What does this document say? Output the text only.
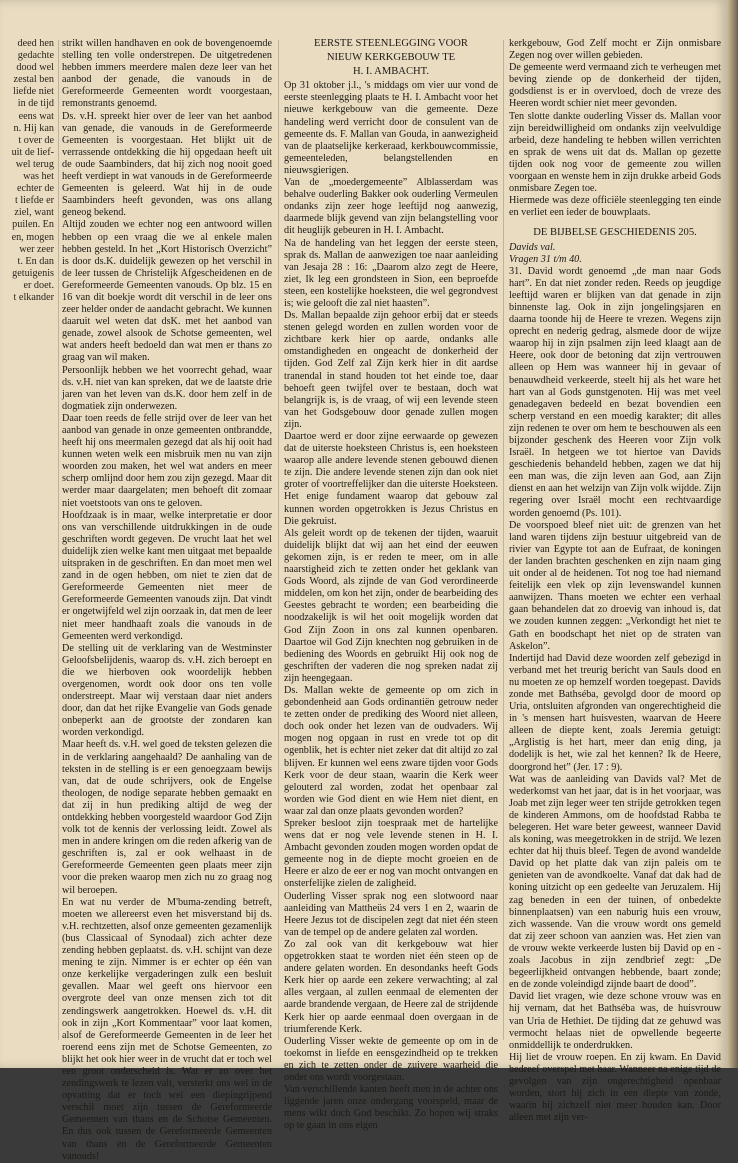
deed hen

gedachte

dood wel

zestal ben

liefde niet

in de tijd

eens wat

n. Hij kan

t over de

uit de lief-

wel terug

was het

echter de

t liefde er

ziel, want

puilen. En

en, mogen

wer zeer

t. En dan

getuigenis

er doet.

t elkander

strikt willen handhaven en ook de bovengenoemde stelling ten volle onderstrepen. De uitgetredenen hebben immers meerdere malen deze leer van het aanbod der genade, die vanouds in de Gereformeerde Gemeenten wordt voorgestaan, remonstrants genoemd.

Ds. v.H. spreekt hier over de leer van het aanbod van genade, die vanouds in de Gereformeerde Gemeenten is voorgestaan. Het blijkt uit de verrassende ontdekking die hij opgedaan heeft uit de oude Saambinders, dat hij zich nog nooit goed heeft verdiept in wat vanouds in de Gereformeerde Gemeenten is geleerd. Wat hij in de oude Saambinders heeft gevonden, was ons allang geneog bekend.

Altijd zouden we echter nog een antwoord willen hebben op een vraag die we al enkele malen hebben gesteld. In het „Kort Historisch Overzicht” is door ds.K. duidelijk gewezen op het verschil in de leer tussen de Christelijk Afgescheidenen en de Gereformeerde Gemeenten vanouds. Op blz. 15 en 16 van dit boekje wordt dit verschil in de leer ons zeer helder onder de aandacht gebracht. We kunnen daaruit wel weten dat dsK. met het aanbod van genade, zowel alsook de Schotse gemeenten, wel wat anders heeft bedoeld dan wat men er thans zo graag van wil maken.

Persoonlijk hebben we het voorrecht gehad, waar ds. v.H. niet van kan spreken, dat we de laatste drie jaren van het leven van ds.K. door hem zelf in de dogmatiek zijn onderwezen.

Daar toen reeds de felle strijd over de leer van het aanbod van genade in onze gemeenten ontbrandde, heeft hij ons meermalen gezegd dat als hij ooit had kunnen weten welk een misbruik men nu van zijn woorden zou maken, het wel wat anders en meer scherp omlijnd door hem zou zijn gezegd. Maar dit werder maar daargelaten; men behoeft dit zomaar niet voetstoots van ons te geloven.

Hoofdzaak is in maar, welke interpretatie er door ons van verschillende uitdrukkingen in de oude geschriften wordt gegeven. De vrucht laat het wel duidelijk zien welke kant men uitgaat met bepaalde uitspraken in de geschriften. En dan moet men wel zand in de ogen hebben, om niet te zien dat de Gereformeerde Gemeenten niet meer de Gereformeerde Gemeenten vanouds zijn. Dat vindt er ongetwijfeld wel zijn oorzaak in, dat men de leer niet meer handhaaft zoals die vanouds in de Gemeenten werd verkondigd.

De stelling uit de verklaring van de Westminster Geloofsbelijdenis, waarop ds. v.H. zich beroept en die we hierboven ook woordelijk hebben overgenomen, wordt ook door ons ten volle onderstreept. Maar wij verstaan daar niet anders door, dan dat het rijke Evangelie van Gods genade onbeperkt aan de grootste der zondaren kan worden verkondigd.

Maar heeft ds. v.H. wel goed de teksten gelezen die in de verklaring aangehaald? De aanhaling van de teksten in de stelling is er een genoegzaam bewijs van, dat de oude schrijvers, ook de Engelse theologen, de nodige separate hebben gemaakt en dat zij in hun prediking altijd de weg der ontdekking hebben voorgesteld waardoor God Zijn volk tot de kennis der verlossing leidt. Zowel als men in andere kringen om die reden afkerig van de geschriften is, zal er ook welhaast in de Gereformeerde Gemeenten geen plaats meer zijn voor die preken waarop men zich nu zo graag nog wil beroepen.

En wat nu verder de M'buma-zending betreft, moeten we allereerst even het misverstand bij ds. v.H. rechtzetten, alsof onze gemeenten gezamenlijk (bus Classicaal of Synodaal) zich achter deze zending hebben geplaatst. ds. v.H. schijnt van deze mening te zijn. Nimmer is er echter op één van onze kerkelijke vergaderingen zulk een besluit gevallen. Maar wel geeft ons hiervoor een overgrote deel van onze mensen zich tot dit zendingswerk aangetrokken. Hoewel ds. v.H. dit ook in zijn „Kort Kommentaar” voor laat komen, alsof de Gereformeerde Gemeenten in de leer het roerend eens zijn met de Schotse Gemeenten, zo blijkt het ook hier weer in de vrucht dat er toch wel een groot onderscheid is. Wat er zo over het zendingswerk te lezen valt, versterkt ons wel in de opvatting dat er toch wel een diepingrijpend verschil moet zijn tussen de Gereformeerde Gemeenten van thans en de Schotse Gemeenten. En dus ook tussen de Gereformeerde Gemeenten van thans en de Gereformeerde Gemeenten vanouds!

EERSTE STEENLEGGING VOOR
NIEUW KERKGEBOUW TE
H. I. AMBACHT.

Op 31 oktober j.l., 's middags om vier uur vond de eerste steenlegging plaats te H. I. Ambacht voor het nieuwe kerkgebouw van die gemeente. Deze handeling werd verricht door de consulent van de gemeente ds. F. Mallan van Gouda, in aanwezigheid van de plaatselijke kerkeraad, kerkbouwcommissie, gemeenteleden, belangstellenden en nieuwsgierigen.

Van de „moedergemeente” Alblasserdam was behalve ouderling Bakker ook ouderling Vermeulen ondanks zijn zeer hoge leeftijd nog aanwezig, daarmede blijk gevend van zijn belangstelling voor dit heuglijk gebeuren in H. I. Ambacht.

Na de handeling van het leggen der eerste steen, sprak ds. Mallan de aanwezigen toe naar aanleiding van Jesaja 28 : 16: „Daarom alzo zegt de Heere, ziet, Ik leg een grondsteen in Sion, een beproefde steen, een kostelijke hoeksteen, die wel gegrondvest is; wie gelooft die zal niet haasten”.

Ds. Mallan bepaalde zijn gehoor erbij dat er steeds stenen gelegd worden en zullen worden voor de zichtbare kerk hier op aarde, ondanks alle omstandigheden en ongeacht de donkerheid der tijden. God Zelf zal Zijn kerk hier in dit aardse tranendal in stand houden tot het einde toe, daar behoeft geen twijfel over te bestaan, doch wat belangrijk is, is de vraag, of wij een levende steen van het Godsgebouw door genade zullen mogen zijn.

Daartoe werd er door zijne eerwaarde op gewezen dat de uiterste hoeksteen Christus is, een hoeksteen waarop alle andere levende stenen gebouwd dienen te zijn. Die andere levende stenen zijn dan ook niet groter of voortreffelijker dan die uiterste Hoeksteen. Het enige fundament waarop dat gebouw zal kunnen worden opgetrokken is Jezus Christus en Die gekruist.

Als geleit wordt op de tekenen der tijden, waaruit duidelijk blijkt dat wij aan het eind der eeuwen gekomen zijn, is er reden te meer, om in alle naarstigheid zich te zetten onder het geklank van Gods Woord, als zijnde de van God verordineerde middelen, om kon het zijn, onder de bearbeiding des Geestes gebracht te worden; een bearbeiding die noodzakelijk is wil het ooit mogelijk worden dat God Zijn Zoon in ons zal kunnen openbaren. Daartoe wil God Zijn knechten nog gebruiken in de bediening des Woords en gebruikt Hij ook nog de geschriften der vaderen die nog spreken nadat zij zijn heengegaan.

Ds. Mallan wekte de gemeente op om zich in gebondenheid aan Gods ordinantiën getrouw neder te zetten onder de prediking des Woord niet alleen, doch ook onder het lezen van de oudvaders. Wij mogen nog opgaan in rust en vrede tot op dit ogenblik, het is echter niet zeker dat dit altijd zo zal blijven. Er kunnen wel eens zware tijden voor Gods Kerk voor de deur staan, waarin die Kerk weer gelouterd zal worden, zodat het openbaar zal worden wie God dient en wie Hem niet dient, en waar zal dan onze plaats gevonden worden?

Spreker besloot zijn toespraak met de hartelijke wens dat er nog vele levende stenen in H. I. Ambacht gevonden zouden mogen worden opdat de gemeente nog in de diepte mocht groeien en de Heere er alzo de eer er nog van mocht ontvangen en onsterfelijke zielen de zaligheid.

Ouderling Visser sprak nog een slotwoord naar aanleiding van Mattheüs 24 vers 1 en 2, waarin de Heere Jezus tot de discipelen zegt dat niet één steen van de tempel op de andere gelaten zal worden.

Zo zal ook van dit kerkgebouw wat hier opgetrokken staat te worden niet één steen op de andere gelaten worden. En desondanks heeft Gods Kerk hier op aarde een zekere verwachting; al zal alles vergaan, al zullen eenmaal de elementen der aarde brandende vergaan, de Heere zal de strijdende Kerk hier op aarde eenmaal doen overgaan in de triumferende Kerk.

Ouderling Visser wekte de gemeente op om in de toekomst in liefde en eensgezindheid op te trekken en zich te zetten onder de zuivere waarheid die onder ons wordt voorgestaan.

Van verschillende kanten heeft men in de achter ons liggende jaren onze ondergang voorspeld, maar de mens wikt doch God beschikt. Zo hopen wij straks op te gaan in ons eigen

kerkgebouw, God Zelf mocht er Zijn onmisbare Zegen nog over willen gebieden.

De gemeente werd vermaand zich te verheugen met beving ziende op de donkerheid der tijden, godsdienst is er in overvloed, doch de vreze des Heeren wordt schier niet meer gevonden.

Ten slotte dankte ouderling Visser ds. Mallan voor zijn bereidwilligheid om ondanks zijn veelvuldige arbeid, deze handeling te hebben willen verrichten en sprak de wens uit dat ds. Mallan op gezette tijden ook nog voor de gemeente zou willen voorgaan en wenste hem in zijn drukke arbeid Gods onmisbare Zegen toe.

Hiermede was deze officiële steenlegging ten einde en verliet een ieder de bouwplaats.

DE BIJBELSE GESCHIEDENIS 205.
Davids val.
Vragen 31 t/m 40.

31. David wordt genoemd „de man naar Gods hart”. En dat niet zonder reden. Reeds op jeugdige leeftijd waren er blijken van dat genade in zijn binnenste lag. Ook in zijn jongelingsjaren en daarna toonde hij de Heere te vrezen. Wegens zijn oprecht en nederig gedrag, alsmede door de wijze waarop hij in zijn psalmen zijn leed klaagt aan de Heere, ook door de betoning dat zijn vertrouwen alleen op Hem was wanneer hij in gevaar of benauwdheid verkeerde, steelt hij als het ware het hart van al Gods gunstgenoten. Hij was met veel genadegaven bedeeld en bezat bovendien een scherp verstand en een moedig karakter; dit alles zijn redenen te over om hem te beschouwen als een bijzonder geschenk des Heeren voor Zijn volk Israël. In hetgeen we tot hiertoe van Davids geschiedenis behandeld hebben, zagen we dat hij een man was, die zijn leven aan God, aan Zijn dienst en aan het welzijn van Zijn volk wijdde. Zijn regering over Israël mocht een rechtvaardige worden genoemd (Ps. 101).

De voorspoed bleef niet uit: de grenzen van het land waren tijdens zijn bestuur uitgebreid van de rivier van Egypte tot aan de Eufraat, de koningen der landen brachten geschenken en zijn naam ging uit onder al de heidenen. Tot nog toe had niemand feitelijk een vlek op zijn levenswandel kunnen aanwijzen. Thans moeten we echter een verhaal gaan behandelen dat zo droevig van inhoud is, dat we zouden kunnen zeggen: „Verkondigt het niet te Gath en boodschapt het niet op de straten van Askelon”.

Indertijd had David deze woorden zelf gebezigd in verband met het treurig bericht van Sauls dood en nu moeten ze op hemzelf worden toegepast. Davids zonde met Bathséba, gevolgd door de moord op Uria, ontsluiten afgronden van ongerechtigheid die in 's mensen hart huisvesten, waarvan de Heere alleen de diepte kent, zoals Jeremia getuigt: „Arglistig is het hart, meer dan enig ding, ja dodelijk is het, wie zal het kennen? Ik de Heere, doorgrond het” (Jer. 17 : 9).

Wat was de aanleiding van Davids val? Met de wederkomst van het jaar, dat is in het voorjaar, was Joab met zijn leger weer ten strijde getrokken tegen de kinderen Ammons, om de hoofdstad Rabba te belegeren. Het ware beter geweest, wanneer David als koning, was meegetrokken in de strijd. We lezen echter dat hij thuis bleef. Tegen de avond wandelde David op het platte dak van zijn paleis om te genieten van de avondkoelte. Vanaf dat dak had de koning uitzicht op een gedeelte van Jeruzalem. Hij zag beneden in een der tuinen, of onbedekte binnenplaatsen) van een naburig huis een vrouw, zich wassende. Van die vrouw wordt ons gemeld dat zij zeer schoon van aanzien was. Het zien van de vrouw wekte verkeerde lusten bij David op en - zoals Jacobus in zijn zendbrief zegt: „De begeerlijkheid ontvangen hebbende, baart zonde; en de zonde voleindigd zijnde baart de dood”.

David liet vragen, wie deze schone vrouw was en hij vernam, dat het Bathséba was, de huisvrouw van Uria de Hethiet. De tijding dat ze gehuwd was vermocht helaas niet de opwellende begeerte onmiddellijk te onderdrukken.

Hij liet de vrouw roepen. En zij kwam. En David bedreef overspel met haar. Wanneer na enige tijd de gevolgen van zijn ongerechtigheid openbaar worden, stort hij zich in een diepte van zonde, waarin hij zichzelf niet meer houden kan. Door alleen met zijn ver-
